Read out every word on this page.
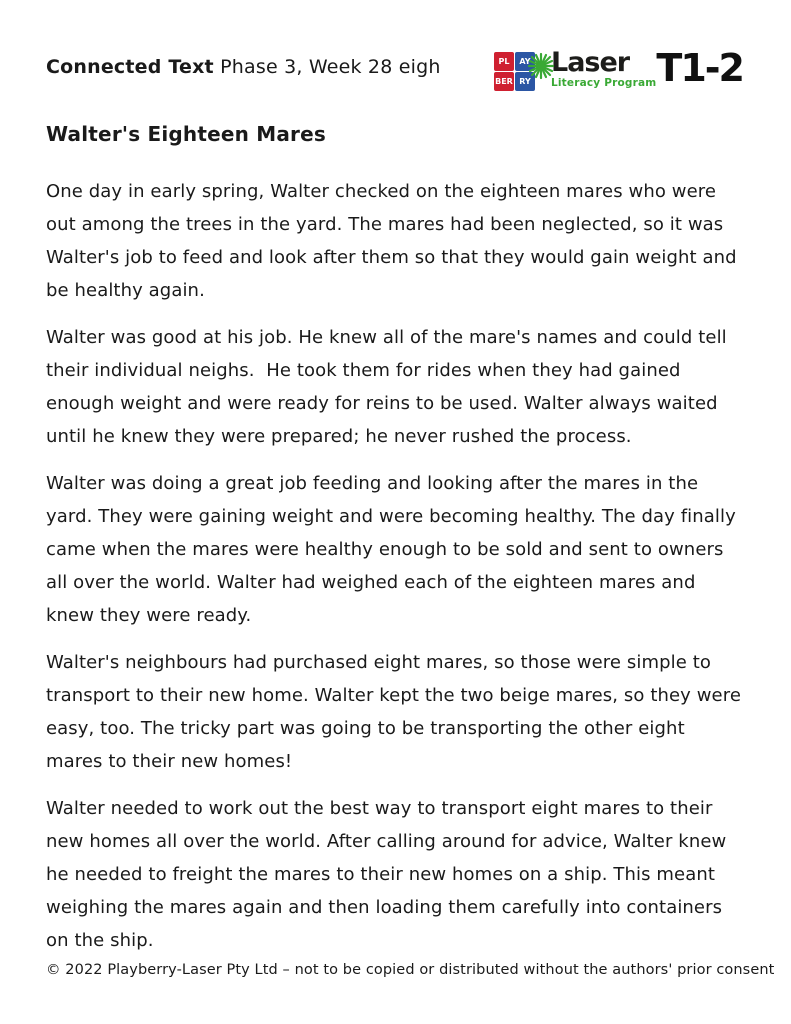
Connected Text Phase 3, Week 28 eigh	PL	AY
BER RY
Laser
Literacy Program T1-2
Walter's Eighteen Mares

One day in early spring, Walter checked on the eighteen mares who were out among the trees in the yard. The mares had been neglected, so it was Walter's job to feed and look after them so that they would gain weight and be healthy again.

Walter was good at his job. He knew all of the mare's names and could tell their individual neighs.  He took them for rides when they had gained enough weight and were ready for reins to be used. Walter always waited until he knew they were prepared; he never rushed the process.

Walter was doing a great job feeding and looking after the mares in the yard. They were gaining weight and were becoming healthy. The day finally came when the mares were healthy enough to be sold and sent to owners all over the world. Walter had weighed each of the eighteen mares and knew they were ready.

Walter's neighbours had purchased eight mares, so those were simple to transport to their new home. Walter kept the two beige mares, so they were easy, too. The tricky part was going to be transporting the other eight mares to their new homes!

Walter needed to work out the best way to transport eight mares to their new homes all over the world. After calling around for advice, Walter knew he needed to freight the mares to their new homes on a ship. This meant weighing the mares again and then loading them carefully into containers on the ship.

© 2022 Playberry-Laser Pty Ltd – not to be copied or distributed without the authors' prior consent
